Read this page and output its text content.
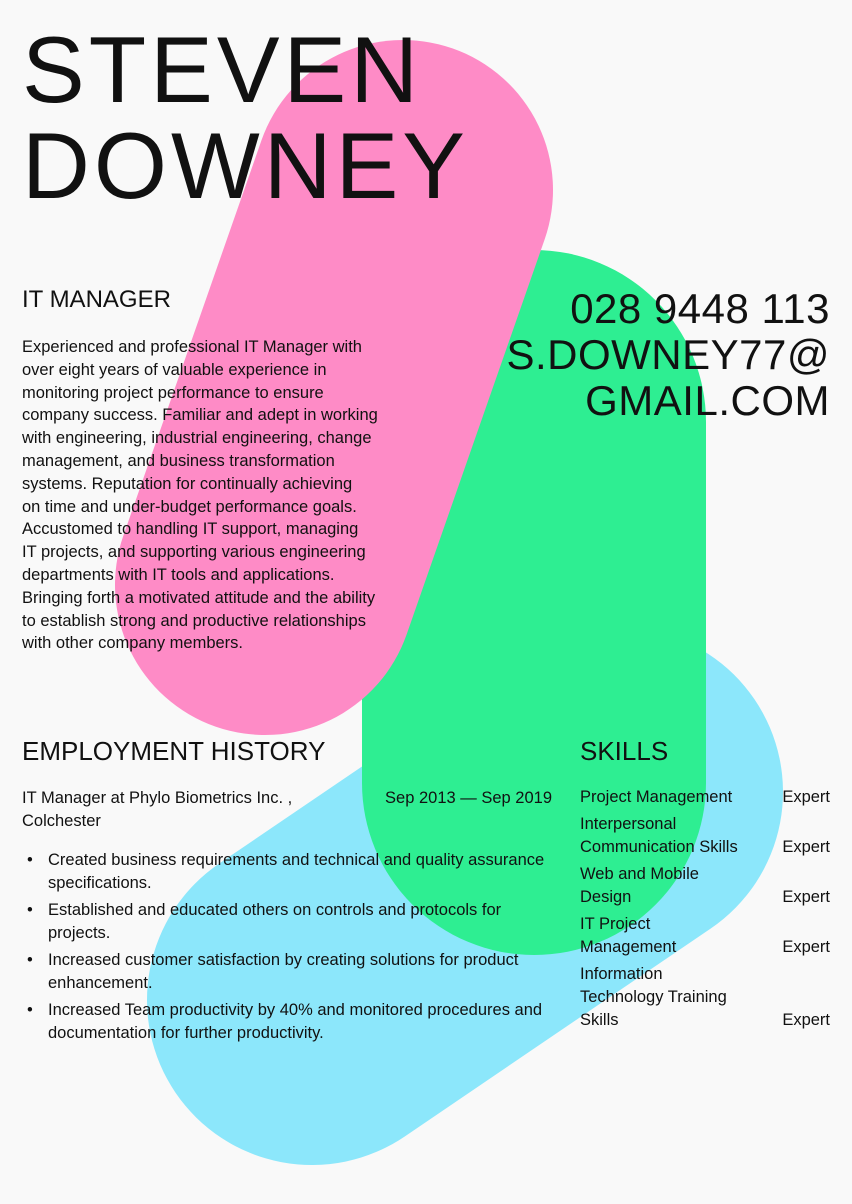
STEVEN
DOWNEY
IT MANAGER
Experienced and professional IT Manager with
over eight years of valuable experience in
monitoring project performance to ensure
company success. Familiar and adept in working
with engineering, industrial engineering, change
management, and business transformation
systems. Reputation for continually achieving
on time and under-budget performance goals.
Accustomed to handling IT support, managing
IT projects, and supporting various engineering
departments with IT tools and applications.
Bringing forth a motivated attitude and the ability
to establish strong and productive relationships
with other company members.
028 9448 113
S.DOWNEY77@
GMAIL.COM
EMPLOYMENT HISTORY	SKILLS
IT Manager at Phylo Biometrics Inc. ,
Colchester
Sep 2013 — Sep 2019
• Created business requirements and technical and quality assurance specifications.
• Established and educated others on controls and protocols for projects.
• Increased customer satisfaction by creating solutions for product enhancement.
• Increased Team productivity by 40% and monitored procedures and documentation for further productivity.
Project Management	Expert
Interpersonal Communication Skills	Expert
Web and Mobile Design	Expert
IT Project Management	Expert
Information Technology Training Skills	Expert
